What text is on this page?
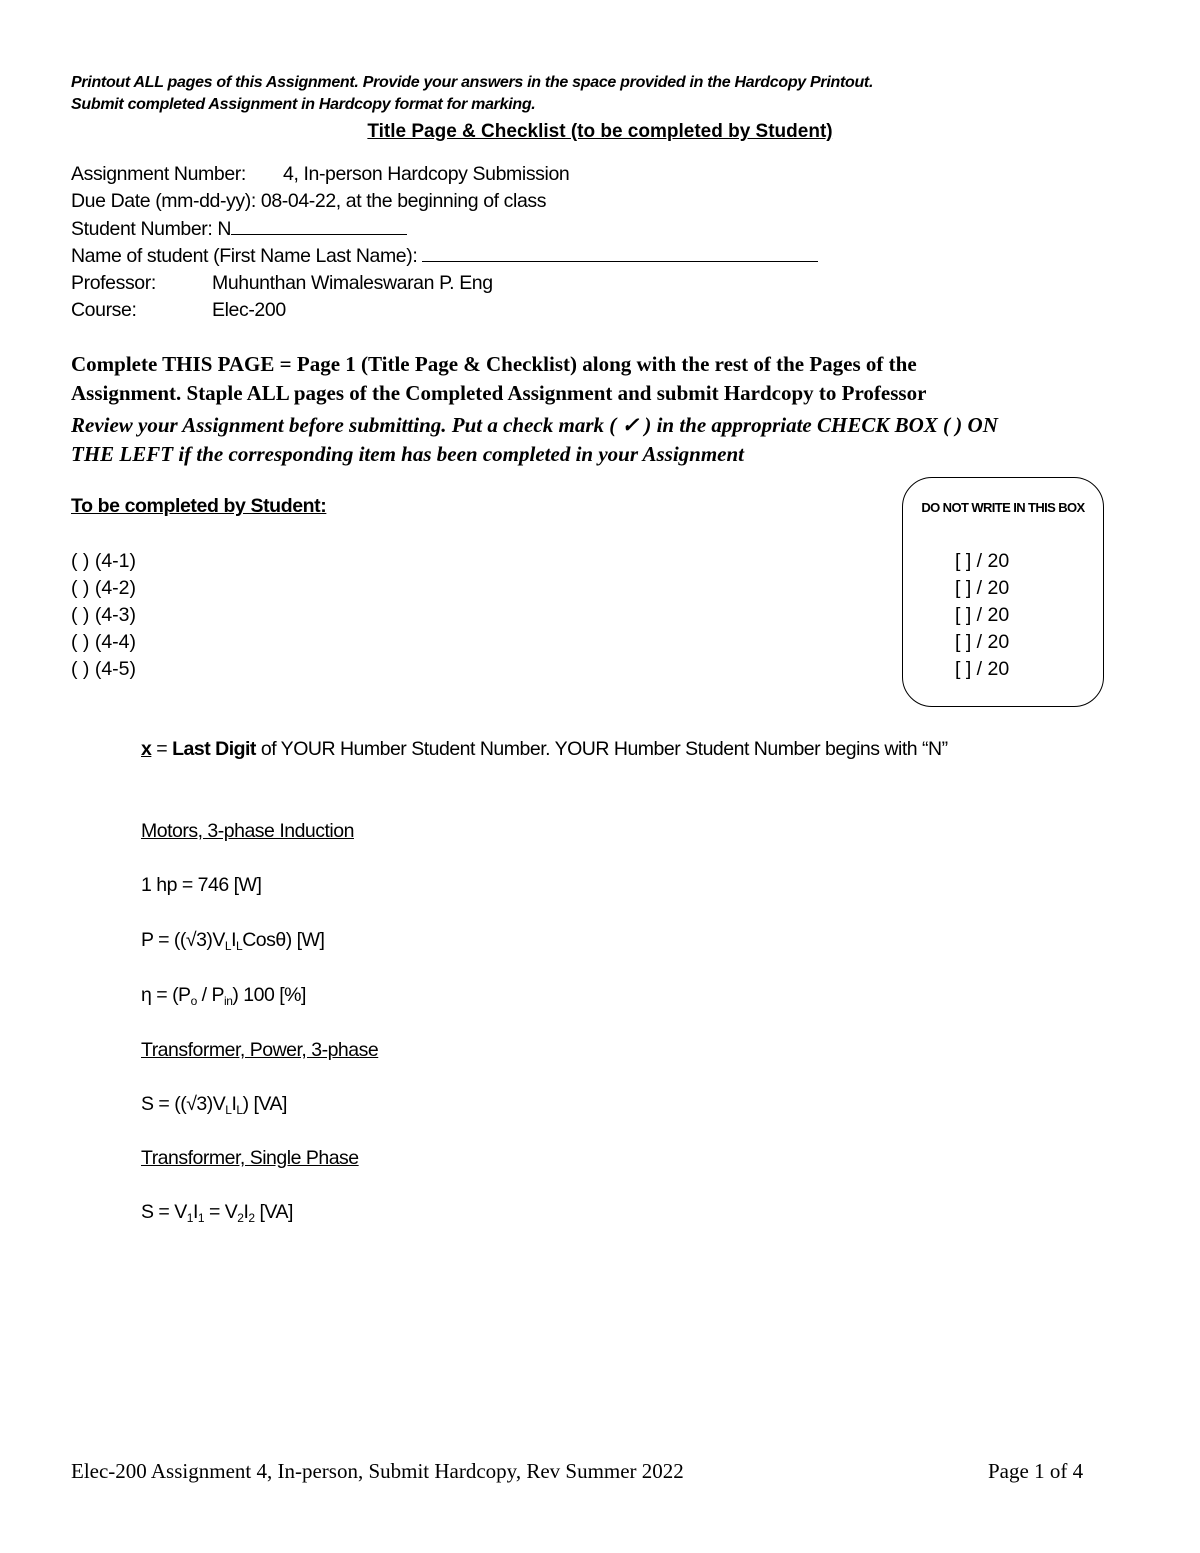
Printout ALL pages of this Assignment. Provide your answers in the space provided in the Hardcopy Printout.
Submit completed Assignment in Hardcopy format for marking.
Title Page & Checklist (to be completed by Student)
Assignment Number: 4, In-person Hardcopy Submission
Due Date (mm-dd-yy): 08-04-22, at the beginning of class
Student Number: N
Name of student (First Name Last Name):
Professor:	Muhunthan Wimaleswaran P. Eng
Course:	Elec-200
Complete THIS PAGE = Page 1 (Title Page & Checklist) along with the rest of the Pages of the
Assignment. Staple ALL pages of the Completed Assignment and submit Hardcopy to Professor
Review your Assignment before submitting. Put a check mark ( ✓ ) in the appropriate CHECK BOX ( ) ON
THE LEFT if the corresponding item has been completed in your Assignment
To be completed by Student:
( ) (4-1)
( ) (4-2)
( ) (4-3)
( ) (4-4)
( ) (4-5)
DO NOT WRITE IN THIS BOX
[ ] / 20
[ ] / 20
[ ] / 20
[ ] / 20
[ ] / 20
x = Last Digit of YOUR Humber Student Number. YOUR Humber Student Number begins with “N”
Motors, 3-phase Induction
1 hp = 746 [W]
$P = ((√3)V_LI_LCos\theta)$ [W]
$\eta = (P_o / P_{in})$ 100 [%]
Transformer, Power, 3-phase
$S = ((√3)V_LI_L)$ [VA]
Transformer, Single Phase
$S = V_1I_1 = V_2I_2$ [VA]
Elec-200 Assignment 4, In-person, Submit Hardcopy, Rev Summer 2022	Page 1 of 4
